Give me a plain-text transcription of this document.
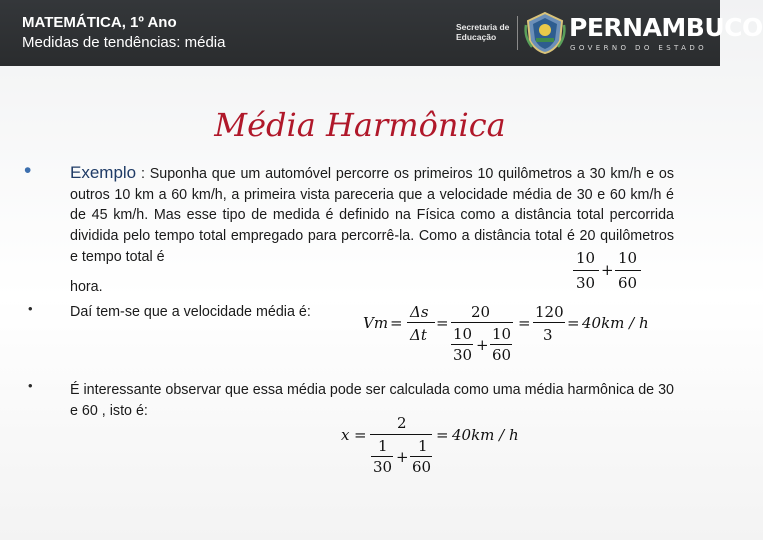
MATEMÁTICA, 1º Ano
Medidas de tendências: média
Secretaria de Educação	PERNAMBUCO
GOVERNO DO ESTADO
Média Harmônica
• Exemplo : Suponha que um automóvel percorre os primeiros 10 quilômetros a 30 km/h e os outros 10 km a 60 km/h, a primeira vista pareceria que a velocidade média de 30 e 60 km/h é de 45 km/h. Mas esse tipo de medida é definido na Física como a distância total percorrida dividida pelo tempo total empregado para percorrê-la. Como a distância total é 20 quilômetros e tempo total é	10
30
+
10
60
hora.
•	Daí tem-se que a velocidade média é:
Vm =
Δs
Δt
=
20
10
30
+
10
60
=
120
3
= 40km / h
•	É interessante observar que essa média pode ser calculada como uma média harmônica de 30 e 60 , isto é:
x =
2
1
30
+
1
60
= 40km / h
